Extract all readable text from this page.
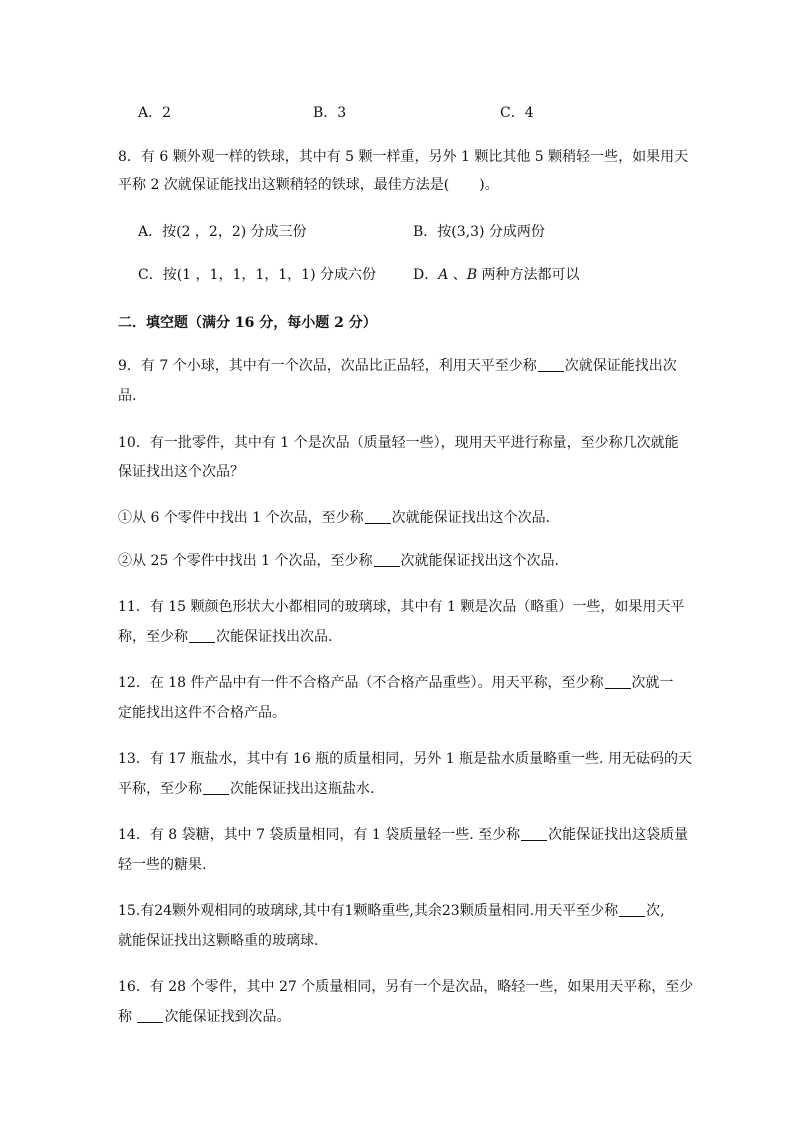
A．2	B．3	C．4
8．有 6 颗外观一样的铁球，其中有 5 颗一样重，另外 1 颗比其他 5 颗稍轻一些，如果用天
平称 2 次就保证能找出这颗稍轻的铁球，最佳方法是( )。
A．按(2 ，2，2) 分成三份	B．按(3,3) 分成两份
C．按(1 ，1，1，1，1，1) 分成六份	D．A 、B 两种方法都可以
二．填空题（满分 16 分，每小题 2 分）
9．有 7 个小球，其中有一个次品，次品比正品轻，利用天平至少称 次就保证能找出次
品.
10．有一批零件，其中有 1 个是次品（质量轻一些），现用天平进行称量，至少称几次就能
保证找出这个次品？
①从 6 个零件中找出 1 个次品，至少称 次就能保证找出这个次品.
②从 25 个零件中找出 1 个次品，至少称 次就能保证找出这个次品.
11．有 15 颗颜色形状大小都相同的玻璃球，其中有 1 颗是次品（略重）一些，如果用天平
称，至少称 次能保证找出次品.
12．在 18 件产品中有一件不合格产品（不合格产品重些）。用天平称，至少称 次就一
定能找出这件不合格产品。
13．有 17 瓶盐水，其中有 16 瓶的质量相同，另外 1 瓶是盐水质量略重一些. 用无砝码的天
平称，至少称 次能保证找出这瓶盐水.
14．有 8 袋糖，其中 7 袋质量相同，有 1 袋质量轻一些. 至少称 次能保证找出这袋质量
轻一些的糖果.
15.有24颗外观相同的玻璃球,其中有1颗略重些,其余23颗质量相同.用天平至少称 次,
就能保证找出这颗略重的玻璃球.
16．有 28 个零件，其中 27 个质量相同，另有一个是次品，略轻一些，如果用天平称，至少
称 次能保证找到次品。
